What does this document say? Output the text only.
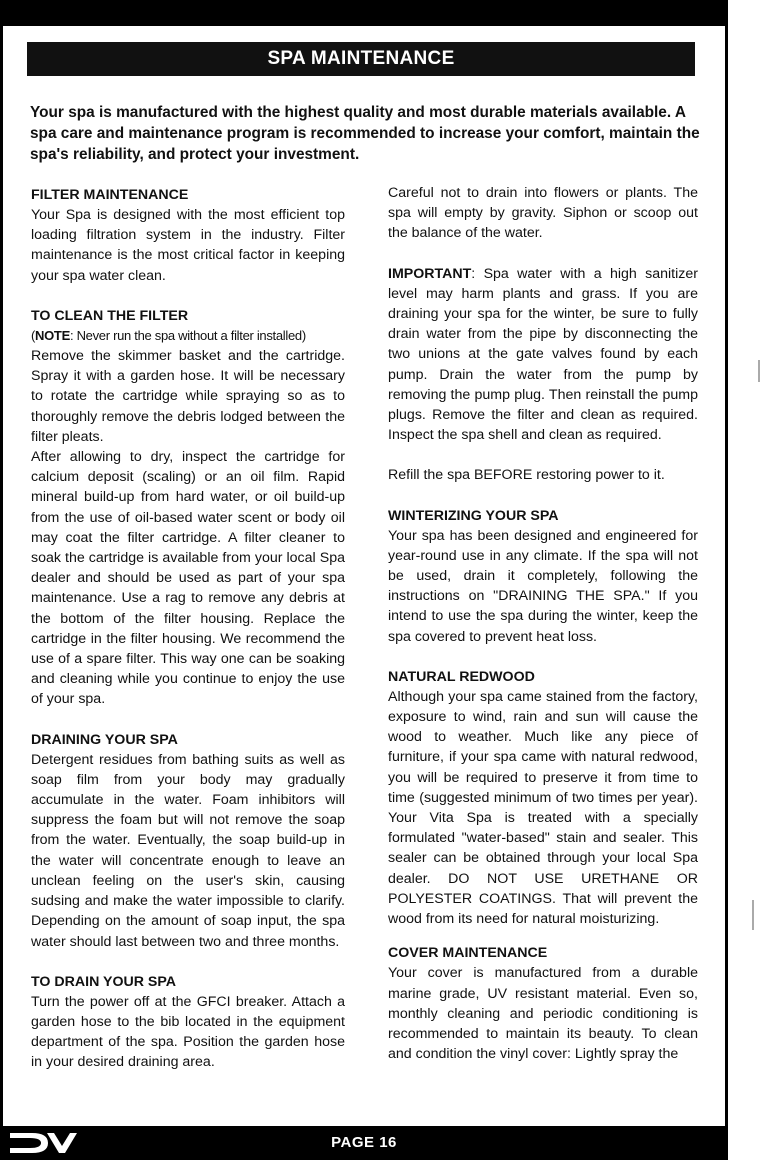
SPA MAINTENANCE
Your spa is manufactured with the highest quality and most durable materials available. A spa care and maintenance program is recommended to increase your comfort, maintain the spa's reliability, and protect your investment.
FILTER MAINTENANCE

Your Spa is designed with the most efficient top loading filtration system in the industry. Filter maintenance is the most critical factor in keeping your spa water clean.

TO CLEAN THE FILTER

(NOTE: Never run the spa without a filter installed)

Remove the skimmer basket and the cartridge. Spray it with a garden hose. It will be necessary to rotate the cartridge while spraying so as to thoroughly remove the debris lodged between the filter pleats.

After allowing to dry, inspect the cartridge for calcium deposit (scaling) or an oil film. Rapid mineral build-up from hard water, or oil build-up from the use of oil-based water scent or body oil may coat the filter cartridge. A filter cleaner to soak the cartridge is available from your local Spa dealer and should be used as part of your spa maintenance. Use a rag to remove any debris at the bottom of the filter housing. Replace the cartridge in the filter housing. We recommend the use of a spare filter. This way one can be soaking and cleaning while you continue to enjoy the use of your spa.

DRAINING YOUR SPA

Detergent residues from bathing suits as well as soap film from your body may gradually accumulate in the water. Foam inhibitors will suppress the foam but will not remove the soap from the water. Eventually, the soap build-up in the water will concentrate enough to leave an unclean feeling on the user's skin, causing sudsing and make the water impossible to clarify. Depending on the amount of soap input, the spa water should last between two and three months.

TO DRAIN YOUR SPA

Turn the power off at the GFCI breaker. Attach a garden hose to the bib located in the equipment department of the spa. Position the garden hose in your desired draining area.

Careful not to drain into flowers or plants. The spa will empty by gravity. Siphon or scoop out the balance of the water.

IMPORTANT: Spa water with a high sanitizer level may harm plants and grass. If you are draining your spa for the winter, be sure to fully drain water from the pipe by disconnecting the two unions at the gate valves found by each pump. Drain the water from the pump by removing the pump plug. Then reinstall the pump plugs. Remove the filter and clean as required. Inspect the spa shell and clean as required.

Refill the spa BEFORE restoring power to it.

WINTERIZING YOUR SPA

Your spa has been designed and engineered for year-round use in any climate. If the spa will not be used, drain it completely, following the instructions on "DRAINING THE SPA." If you intend to use the spa during the winter, keep the spa covered to prevent heat loss.

NATURAL REDWOOD

Although your spa came stained from the factory, exposure to wind, rain and sun will cause the wood to weather. Much like any piece of furniture, if your spa came with natural redwood, you will be required to preserve it from time to time (suggested minimum of two times per year). Your Vita Spa is treated with a specially formulated "water-based" stain and sealer. This sealer can be obtained through your local Spa dealer. DO NOT USE URETHANE OR POLYESTER COATINGS. That will prevent the wood from its need for natural moisturizing.

COVER MAINTENANCE

Your cover is manufactured from a durable marine grade, UV resistant material. Even so, monthly cleaning and periodic conditioning is recommended to maintain its beauty. To clean and condition the vinyl cover: Lightly spray the

PAGE 16
